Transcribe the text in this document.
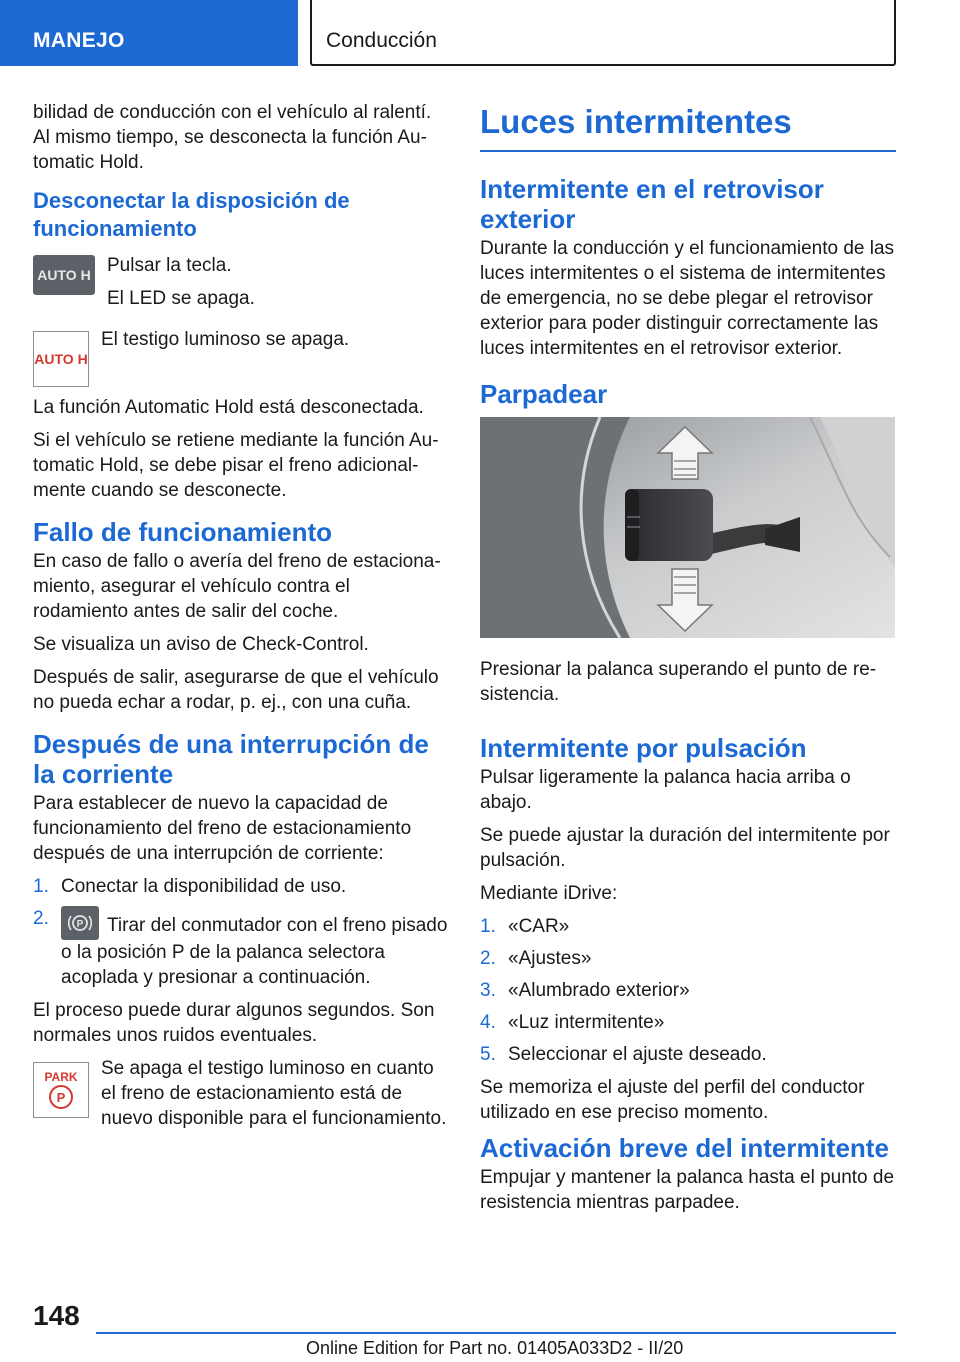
MANEJO	Conducción

bilidad de conducción con el vehículo al ralentí. Al mismo tiempo, se desconecta la función Automatic Hold.

Desconectar la disposición de funcionamiento
AUTO H Pulsar la tecla.

El LED se apaga.

AUTO H

El testigo luminoso se apaga.

La función Automatic Hold está desconectada.

Si el vehículo se retiene mediante la función Automatic Hold, se debe pisar el freno adicionalmente cuando se desconecte.

Fallo de funcionamiento

En caso de fallo o avería del freno de estacionamiento, asegurar el vehículo contra el rodamiento antes de salir del coche.

Se visualiza un aviso de Check-Control.

Después de salir, asegurarse de que el vehículo no pueda echar a rodar, p. ej., con una cuña.

Después de una interrupción de la corriente

Para establecer de nuevo la capacidad de funcionamiento del freno de estacionamiento después de una interrupción de corriente:

1. Conectar la disponibilidad de uso.
2.	P Tirar del conmutador con el freno pisado o la posición P de la palanca selectora acoplada y presionar a continuación.

El proceso puede durar algunos segundos. Son normales unos ruidos eventuales.

PARK
P

Se apaga el testigo luminoso en cuanto el freno de estacionamiento está de nuevo disponible para el funcionamiento.

Luces intermitentes
Intermitente en el retrovisor exterior

Durante la conducción y el funcionamiento de las luces intermitentes o el sistema de intermitentes de emergencia, no se debe plegar el retrovisor exterior para poder distinguir correctamente las luces intermitentes en el retrovisor exterior.

Parpadear

Presionar la palanca superando el punto de resistencia.

Intermitente por pulsación

Pulsar ligeramente la palanca hacia arriba o abajo.

Se puede ajustar la duración del intermitente por pulsación.

Mediante iDrive:

1. «CAR»
2. «Ajustes»
3. «Alumbrado exterior»
4. «Luz intermitente»
5. Seleccionar el ajuste deseado.

Se memoriza el ajuste del perfil del conductor utilizado en ese preciso momento.

Activación breve del intermitente

Empujar y mantener la palanca hasta el punto de resistencia mientras parpadee.

148
Online Edition for Part no. 01405A033D2 - II/20
